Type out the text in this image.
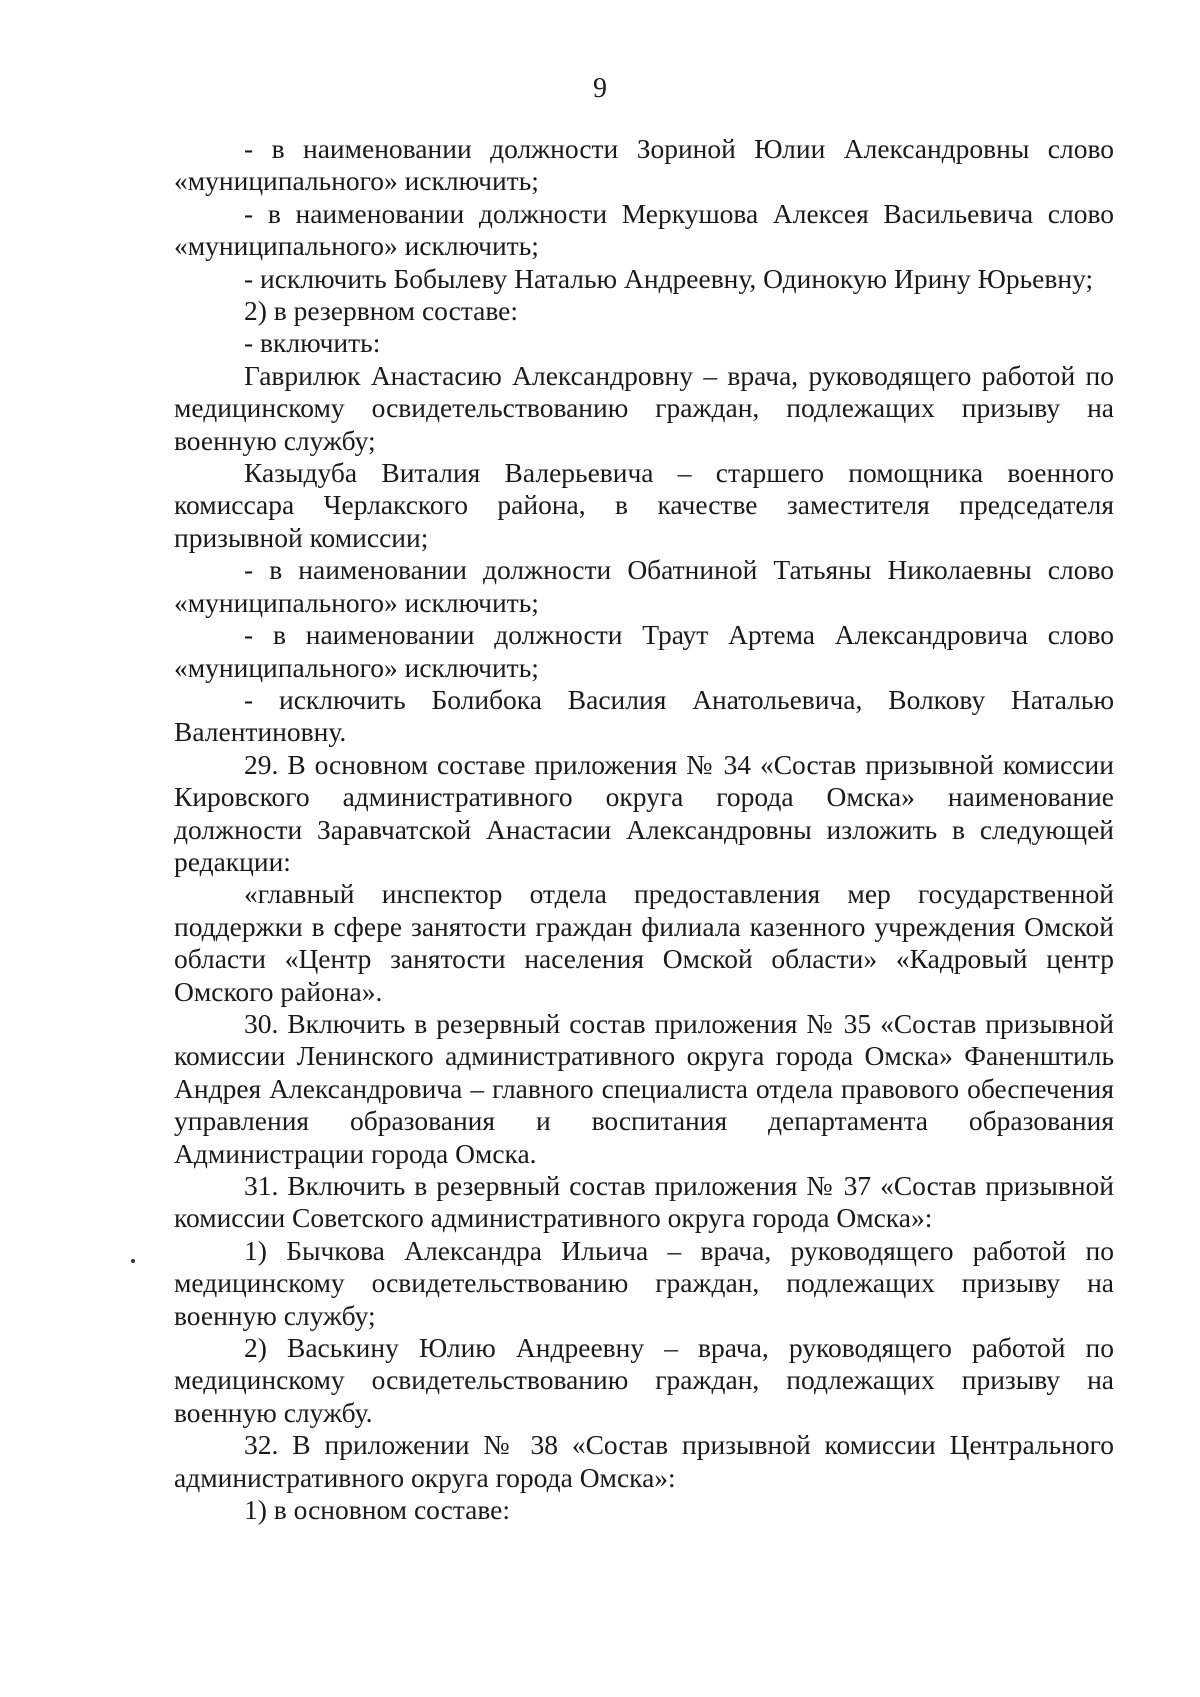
9

- в наименовании должности Зориной Юлии Александровны слово «муниципального» исключить;

- в наименовании должности Меркушова Алексея Васильевича слово «муниципального» исключить;

- исключить Бобылеву Наталью Андреевну, Одинокую Ирину Юрьевну;

2) в резервном составе:

- включить:

Гаврилюк Анастасию Александровну – врача, руководящего работой по медицинскому освидетельствованию граждан, подлежащих призыву на военную службу;

Казыдуба Виталия Валерьевича – старшего помощника военного комиссара Черлакского района, в качестве заместителя председателя призывной комиссии;

- в наименовании должности Обатниной Татьяны Николаевны слово «муниципального» исключить;

- в наименовании должности Траут Артема Александровича слово «муниципального» исключить;

- исключить Болибока Василия Анатольевича, Волкову Наталью Валентиновну.

29. В основном составе приложения № 34 «Состав призывной комиссии Кировского административного округа города Омска» наименование должности Заравчатской Анастасии Александровны изложить в следующей редакции:

«главный инспектор отдела предоставления мер государственной поддержки в сфере занятости граждан филиала казенного учреждения Омской области «Центр занятости населения Омской области» «Кадровый центр Омского района».

30. Включить в резервный состав приложения № 35 «Состав призывной комиссии Ленинского административного округа города Омска» Фаненштиль Андрея Александровича – главного специалиста отдела правового обеспечения управления образования и воспитания департамента образования Администрации города Омска.

31. Включить в резервный состав приложения № 37 «Состав призывной комиссии Советского административного округа города Омска»:

1) Бычкова Александра Ильича – врача, руководящего работой по медицинскому освидетельствованию граждан, подлежащих призыву на военную службу;

2) Васькину Юлию Андреевну – врача, руководящего работой по медицинскому освидетельствованию граждан, подлежащих призыву на военную службу.

32. В приложении № 38 «Состав призывной комиссии Центрального административного округа города Омска»:

1) в основном составе:
